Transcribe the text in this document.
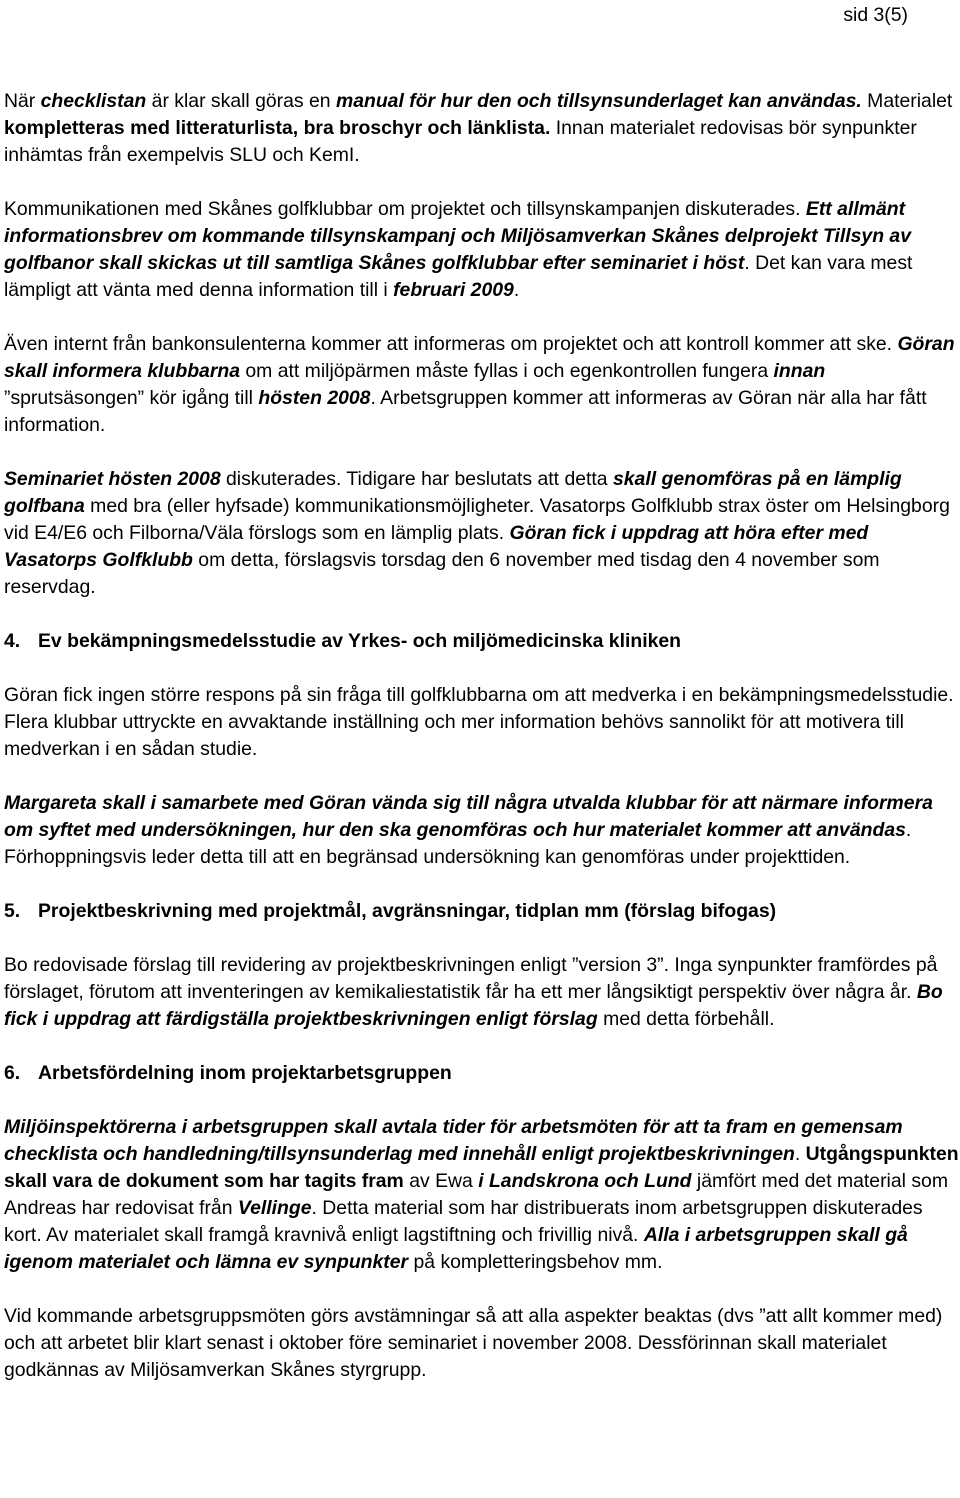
sid 3(5)

När checklistan är klar skall göras en manual för hur den och tillsynsunderlaget kan användas. Materialet kompletteras med litteraturlista, bra broschyr och länklista. Innan materialet redovisas bör synpunkter inhämtas från exempelvis SLU och KemI.

Kommunikationen med Skånes golfklubbar om projektet och tillsynskampanjen diskuterades. Ett allmänt informationsbrev om kommande tillsynskampanj och Miljösamverkan Skånes delprojekt Tillsyn av golfbanor skall skickas ut till samtliga Skånes golfklubbar efter seminariet i höst. Det kan vara mest lämpligt att vänta med denna information till i februari 2009.

Även internt från bankonsulenterna kommer att informeras om projektet och att kontroll kommer att ske. Göran skall informera klubbarna om att miljöpärmen måste fyllas i och egenkontrollen fungera innan ”sprutsäsongen” kör igång till hösten 2008. Arbetsgruppen kommer att informeras av Göran när alla har fått information.

Seminariet hösten 2008 diskuterades. Tidigare har beslutats att detta skall genomföras på en lämplig golfbana med bra (eller hyfsade) kommunikationsmöjligheter. Vasatorps Golfklubb strax öster om Helsingborg vid E4/E6 och Filborna/Väla förslogs som en lämplig plats. Göran fick i uppdrag att höra efter med Vasatorps Golfklubb om detta, förslagsvis torsdag den 6 november med tisdag den 4 november som reservdag.

4. Ev bekämpningsmedelsstudie av Yrkes- och miljömedicinska kliniken

Göran fick ingen större respons på sin fråga till golfklubbarna om att medverka i en bekämpningsmedelsstudie. Flera klubbar uttryckte en avvaktande inställning och mer information behövs sannolikt för att motivera till medverkan i en sådan studie.

Margareta skall i samarbete med Göran vända sig till några utvalda klubbar för att närmare informera om syftet med undersökningen, hur den ska genomföras och hur materialet kommer att användas. Förhoppningsvis leder detta till att en begränsad undersökning kan genomföras under projekttiden.

5. Projektbeskrivning med projektmål, avgränsningar, tidplan mm (förslag bifogas)

Bo redovisade förslag till revidering av projektbeskrivningen enligt ”version 3”. Inga synpunkter framfördes på förslaget, förutom att inventeringen av kemikaliestatistik får ha ett mer långsiktigt perspektiv över några år. Bo fick i uppdrag att färdigställa projektbeskrivningen enligt förslag med detta förbehåll.

6. Arbetsfördelning inom projektarbetsgruppen

Miljöinspektörerna i arbetsgruppen skall avtala tider för arbetsmöten för att ta fram en gemensam checklista och handledning/tillsynsunderlag med innehåll enligt projektbeskrivningen. Utgångspunkten skall vara de dokument som har tagits fram av Ewa i Landskrona och Lund jämfört med det material som Andreas har redovisat från Vellinge. Detta material som har distribuerats inom arbetsgruppen diskuterades kort. Av materialet skall framgå kravnivå enligt lagstiftning och frivillig nivå. Alla i arbetsgruppen skall gå igenom materialet och lämna ev synpunkter på kompletteringsbehov mm.

Vid kommande arbetsgruppsmöten görs avstämningar så att alla aspekter beaktas (dvs ”att allt kommer med) och att arbetet blir klart senast i oktober före seminariet i november 2008. Dessförinnan skall materialet godkännas av Miljösamverkan Skånes styrgrupp.
